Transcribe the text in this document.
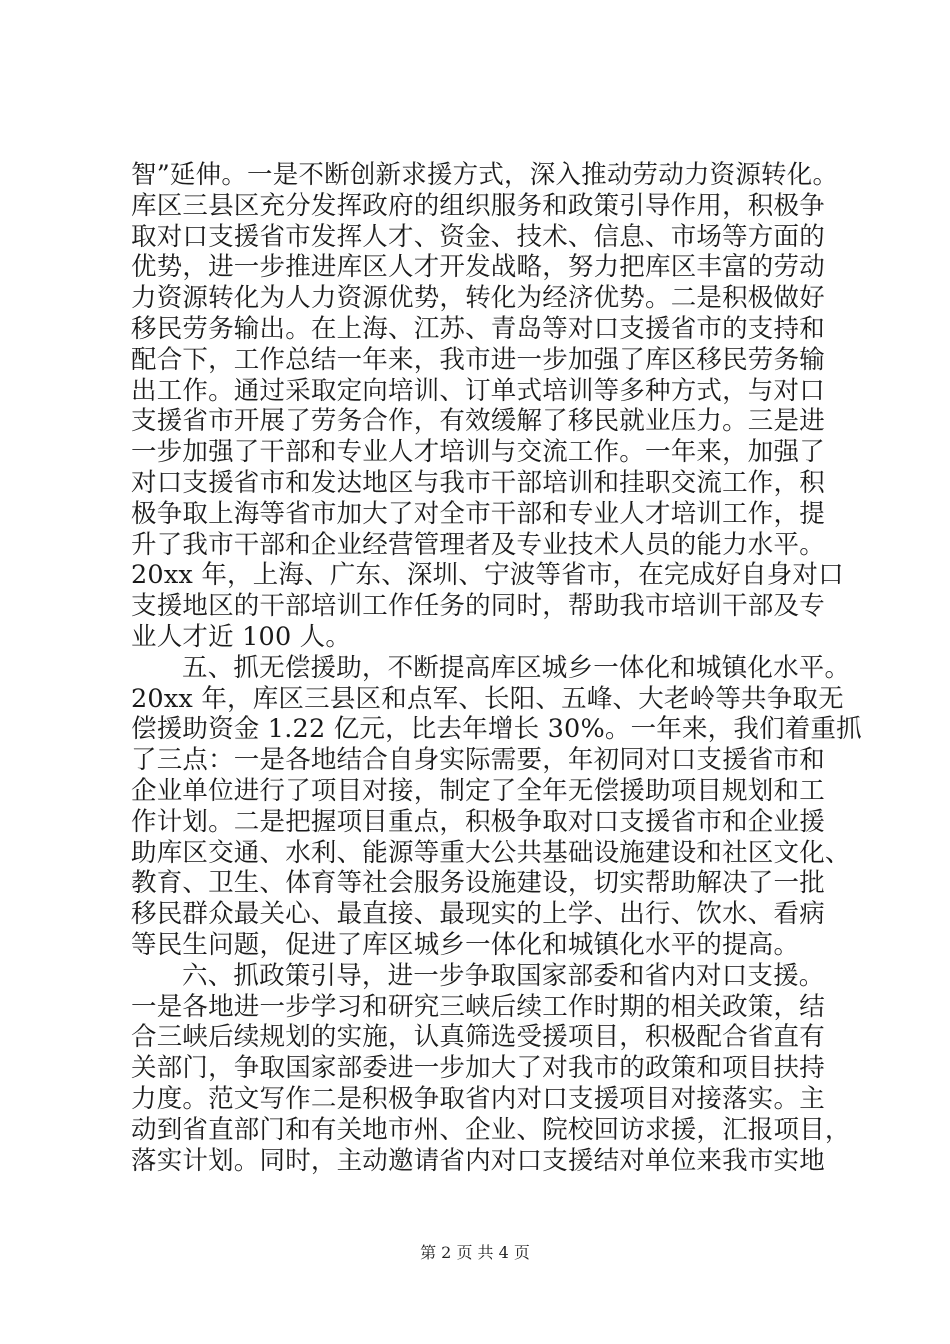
智”延伸。一是不断创新求援方式，深入推动劳动力资源转化。
库区三县区充分发挥政府的组织服务和政策引导作用，积极争
取对口支援省市发挥人才、资金、技术、信息、市场等方面的
优势，进一步推进库区人才开发战略，努力把库区丰富的劳动
力资源转化为人力资源优势，转化为经济优势。二是积极做好
移民劳务输出。在上海、江苏、青岛等对口支援省市的支持和
配合下，工作总结一年来，我市进一步加强了库区移民劳务输
出工作。通过采取定向培训、订单式培训等多种方式，与对口
支援省市开展了劳务合作，有效缓解了移民就业压力。三是进
一步加强了干部和专业人才培训与交流工作。一年来，加强了
对口支援省市和发达地区与我市干部培训和挂职交流工作，积
极争取上海等省市加大了对全市干部和专业人才培训工作，提
升了我市干部和企业经营管理者及专业技术人员的能力水平。
20xx 年，上海、广东、深圳、宁波等省市，在完成好自身对口
支援地区的干部培训工作任务的同时，帮助我市培训干部及专
业人才近 100 人。
五、抓无偿援助，不断提高库区城乡一体化和城镇化水平。
20xx 年，库区三县区和点军、长阳、五峰、大老岭等共争取无
偿援助资金 1.22 亿元，比去年增长 30%。一年来，我们着重抓
了三点：一是各地结合自身实际需要，年初同对口支援省市和
企业单位进行了项目对接，制定了全年无偿援助项目规划和工
作计划。二是把握项目重点，积极争取对口支援省市和企业援
助库区交通、水利、能源等重大公共基础设施建设和社区文化、
教育、卫生、体育等社会服务设施建设，切实帮助解决了一批
移民群众最关心、最直接、最现实的上学、出行、饮水、看病
等民生问题，促进了库区城乡一体化和城镇化水平的提高。
六、抓政策引导，进一步争取国家部委和省内对口支援。
一是各地进一步学习和研究三峡后续工作时期的相关政策，结
合三峡后续规划的实施，认真筛选受援项目，积极配合省直有
关部门，争取国家部委进一步加大了对我市的政策和项目扶持
力度。范文写作二是积极争取省内对口支援项目对接落实。主
动到省直部门和有关地市州、企业、院校回访求援，汇报项目，
落实计划。同时，主动邀请省内对口支援结对单位来我市实地
第 2 页 共 4 页
